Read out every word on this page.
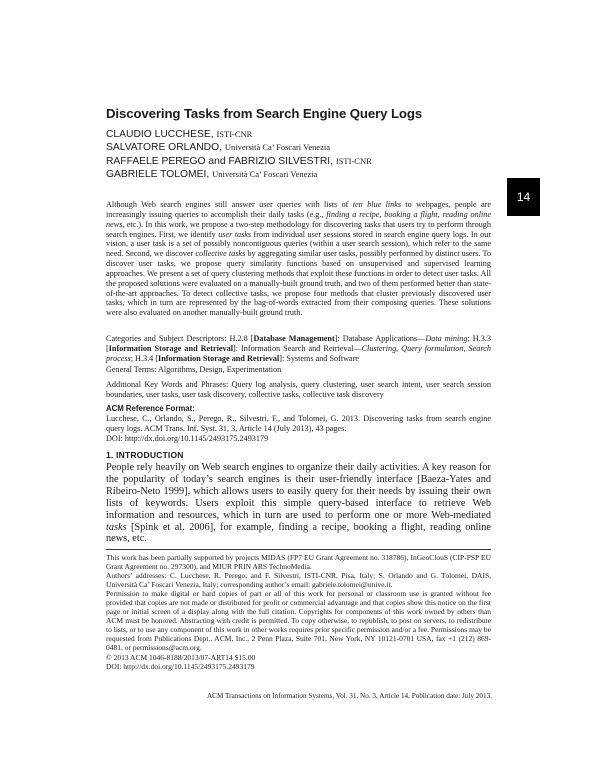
Discovering Tasks from Search Engine Query Logs
CLAUDIO LUCCHESE, ISTI-CNR
SALVATORE ORLANDO, Università Ca’ Foscari Venezia
RAFFAELE PEREGO and FABRIZIO SILVESTRI, ISTI-CNR
GABRIELE TOLOMEI, Università Ca’ Foscari Venezia
Although Web search engines still answer user queries with lists of ten blue links to webpages, people are increasingly issuing queries to accomplish their daily tasks (e.g., finding a recipe, booking a flight, reading online news, etc.). In this work, we propose a two-step methodology for discovering tasks that users try to perform through search engines. First, we identify user tasks from individual user sessions stored in search engine query logs. In our vision, a user task is a set of possibly noncontiguous queries (within a user search session), which refer to the same need. Second, we discover collective tasks by aggregating similar user tasks, possibly performed by distinct users. To discover user tasks, we propose query similarity functions based on unsupervised and supervised learning approaches. We present a set of query clustering methods that exploit these functions in order to detect user tasks. All the proposed solutions were evaluated on a manually-built ground truth, and two of them performed better than state-of-the-art approaches. To detect collective tasks, we propose four methods that cluster previously discovered user tasks, which in turn are represented by the bag-of-words extracted from their composing queries. These solutions were also evaluated on another manually-built ground truth.
14
Categories and Subject Descriptors: H.2.8 [Database Management]: Database Applications—Data mining; H.3.3 [Information Storage and Retrieval]: Information Search and Retrieval—Clustering, Query formulation, Search process; H.3.4 [Information Storage and Retrieval]: Systems and Software
General Terms: Algorithms, Design, Experimentation
Additional Key Words and Phrases: Query log analysis, query clustering, user search intent, user search session boundaries, user tasks, user task discovery, collective tasks, collective task discovery
ACM Reference Format:
Lucchese, C., Orlando, S., Perego, R., Silvestri, F., and Tolomei, G. 2013. Discovering tasks from search engine query logs. ACM Trans. Inf. Syst. 31, 3, Article 14 (July 2013), 43 pages.
DOI: http://dx.doi.org/10.1145/2493175.2493179
1. INTRODUCTION
People rely heavily on Web search engines to organize their daily activities. A key reason for the popularity of today’s search engines is their user-friendly interface [Baeza-Yates and Ribeiro-Neto 1999], which allows users to easily query for their needs by issuing their own lists of keywords. Users exploit this simple query-based interface to retrieve Web information and resources, which in turn are used to perform one or more Web-mediated tasks [Spink et al. 2006], for example, finding a recipe, booking a flight, reading online news, etc.

This work has been partially supported by projects MIDAS (FP7 EU Grant Agreement no. 318786), InGeoClouS (CIP-PSP EU Grant Agreement no. 297300), and MIUR PRIN ARS TechnoMedia.

Authors’ addresses: C. Lucchese, R. Perego, and F. Silvestri, ISTI-CNR, Pisa, Italy; S. Orlando and G. Tolomei, DAIS, Università Ca’ Foscari Venezia, Italy; corresponding author’s email: gabriele.tolomei@unive.it.

Permission to make digital or hard copies of part or all of this work for personal or classroom use is granted without fee provided that copies are not made or distributed for profit or commercial advantage and that copies show this notice on the first page or initial screen of a display along with the full citation. Copyrights for components of this work owned by others than ACM must be honored. Abstracting with credit is permitted. To copy otherwise, to republish, to post on servers, to redistribute to lists, or to use any component of this work in other works requires prior specific permission and/or a fee. Permissions may be requested from Publications Dept., ACM, Inc., 2 Penn Plaza, Suite 701, New York, NY 10121-0701 USA, fax +1 (212) 869-0481, or permissions@acm.org.

© 2013 ACM 1046-8188/2013/07-ART14 $15.00

DOI: http://dx.doi.org/10.1145/2493175.2493179

ACM Transactions on Information Systems, Vol. 31, No. 3, Article 14, Publication date: July 2013.
